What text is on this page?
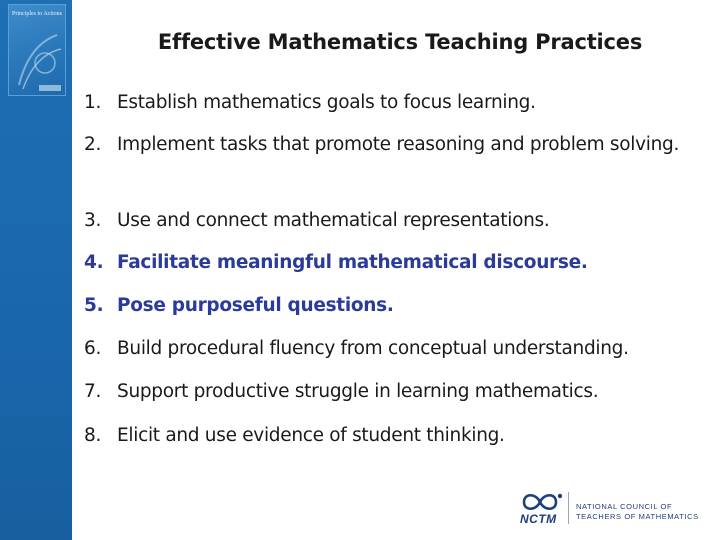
Principles to Actions
Effective Mathematics Teaching Practices
1. Establish mathematics goals to focus learning.
2. Implement tasks that promote reasoning and problem solving.
3. Use and connect mathematical representations.
4. Facilitate meaningful mathematical discourse.
5. Pose purposeful questions.
6. Build procedural fluency from conceptual understanding.
7. Support productive struggle in learning mathematics.
8. Elicit and use evidence of student thinking.
NCTM
NATIONAL COUNCIL OF
TEACHERS OF MATHEMATICS
